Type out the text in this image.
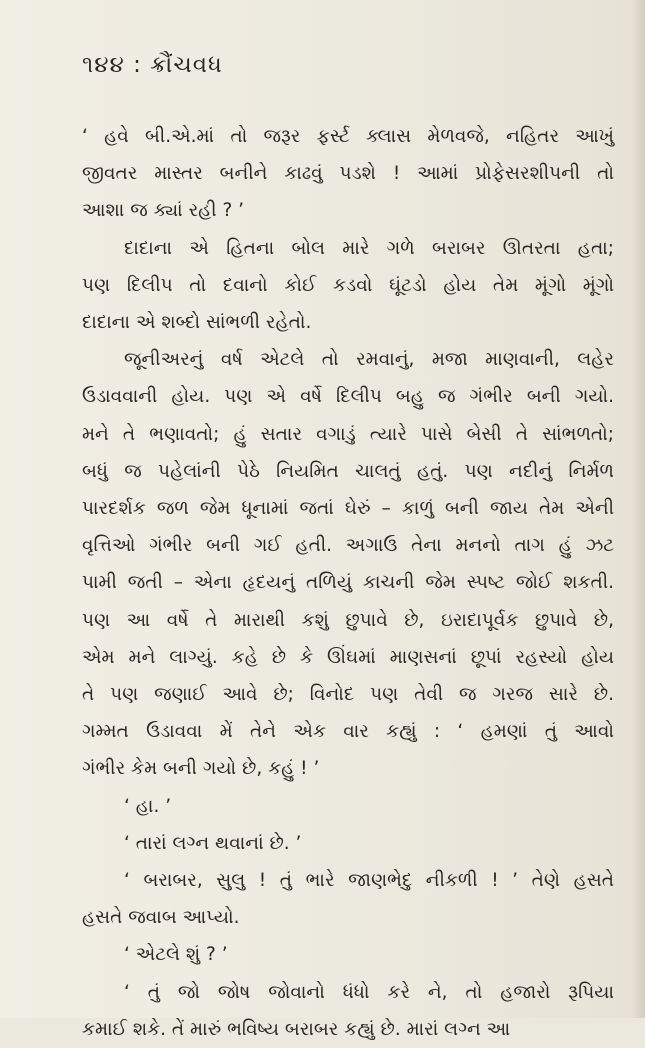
૧૪૪ : ક્રૌંચવધ
‘ હવે બી.એ.માં તો જરૂર ફર્સ્ટ ક્લાસ મેળવજે, નહિતર આખું
જીવતર માસ્તર બનીને કાઢવું પડશે ! આમાં પ્રોફેસરશીપની તો
આશા જ ક્યાં રહી ? ’
દાદાના એ હિતના બોલ મારે ગળે બરાબર ઊતરતા હતા;
પણ દિલીપ તો દવાનો કોઈ કડવો ઘૂંટડો હોય તેમ મૂંગો મૂંગો
દાદાના એ શબ્દો સાંભળી રહેતો.
જૂનીઅરનું વર્ષ એટલે તો રમવાનું, મજા માણવાની, લહેર
ઉડાવવાની હોય. પણ એ વર્ષે દિલીપ બહુ જ ગંભીર બની ગયો.
મને તે ભણાવતો; હું સતાર વગાડું ત્યારે પાસે બેસી તે સાંભળતો;
બધું જ પહેલાંની પેઠે નિયમિત ચાલતું હતું. પણ નદીનું નિર્મળ
પારદર્શક જળ જેમ ધૂનામાં જતાં ઘેરું – કાળું બની જાય તેમ એની
વૃત્તિઓ ગંભીર બની ગઈ હતી. અગાઉ તેના મનનો તાગ હું ઝટ
પામી જતી – એના હૃદયનું તળિયું કાચની જેમ સ્પષ્ટ જોઈ શકતી.
પણ આ વર્ષે તે મારાથી કશું છુપાવે છે, ઇરાદાપૂર્વક છુપાવે છે,
એમ મને લાગ્યું. કહે છે કે ઊંઘમાં માણસનાં છૂપાં રહસ્યો હોય
તે પણ જણાઈ આવે છે; વિનોદ પણ તેવી જ ગરજ સારે છે.
ગમ્મત ઉડાવવા મેં તેને એક વાર કહ્યું : ‘ હમણાં તું આવો
ગંભીર કેમ બની ગયો છે, કહું ! ’
‘ હા. ’
‘ તારાં લગ્ન થવાનાં છે. ’
‘ બરાબર, સુલુ ! તું ભારે જાણભેદુ નીકળી ! ’ તેણે હસતે
હસતે જવાબ આપ્યો.
‘ એટલે શું ? ’
‘ તું જો જોષ જોવાનો ધંધો કરે ને, તો હજારો રૂપિયા
કમાઈ શકે. તેં મારું ભવિષ્ય બરાબર કહ્યું છે. મારાં લગ્ન આ
